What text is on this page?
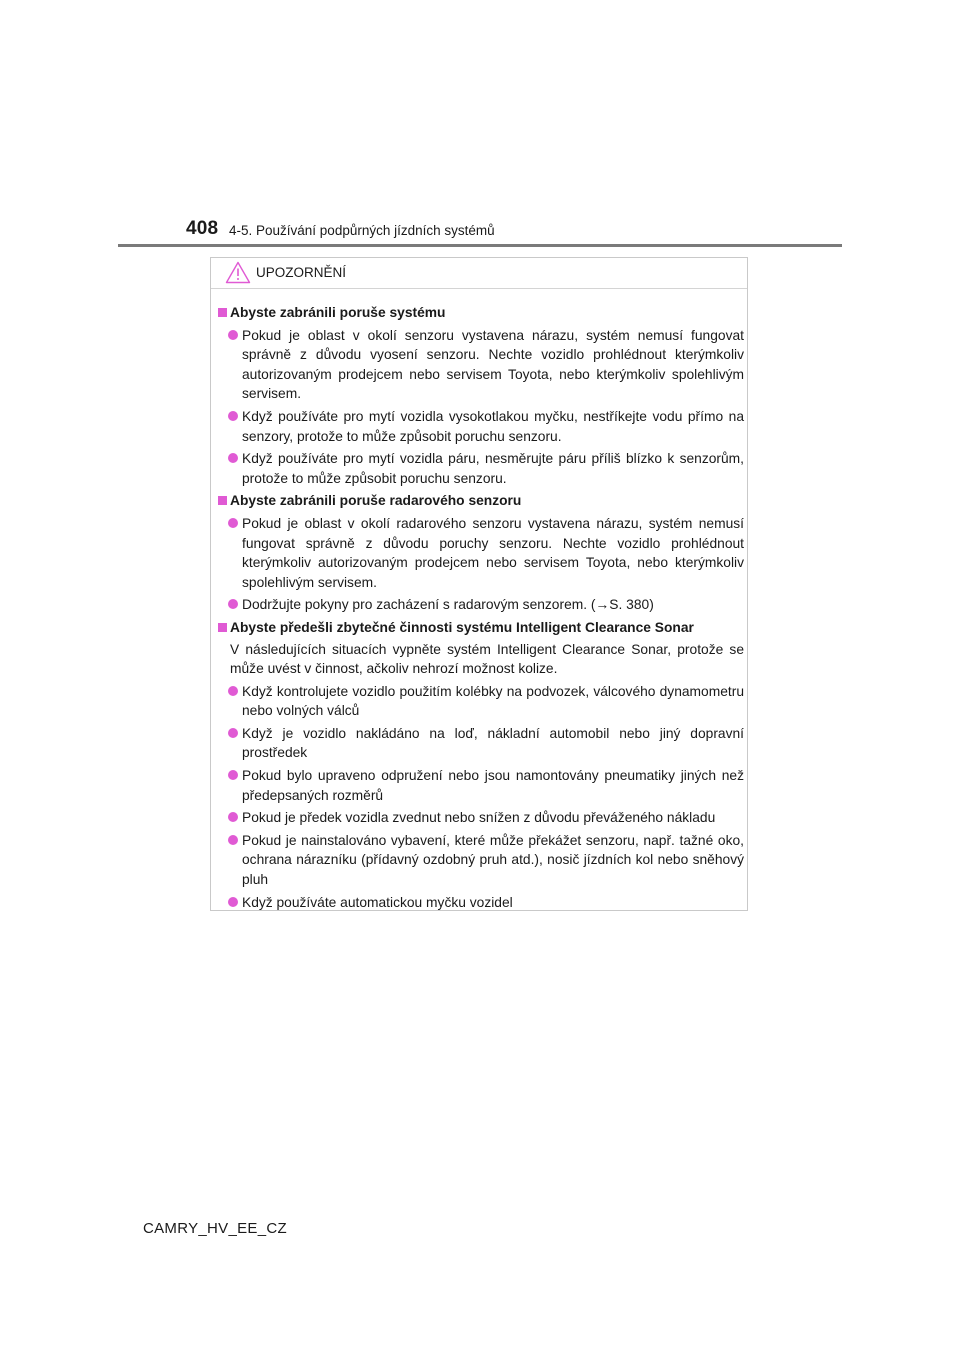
408 4-5. Používání podpůrných jízdních systémů
UPOZORNĚNÍ
Abyste zabránili poruše systému
Pokud je oblast v okolí senzoru vystavena nárazu, systém nemusí fungovat správně z důvodu vyosení senzoru. Nechte vozidlo prohlédnout kterýmkoliv autorizovaným prodejcem nebo servisem Toyota, nebo kterýmkoliv spolehlivým servisem.
Když používáte pro mytí vozidla vysokotlakou myčku, nestříkejte vodu přímo na senzory, protože to může způsobit poruchu senzoru.
Když používáte pro mytí vozidla páru, nesměrujte páru příliš blízko k senzorům, protože to může způsobit poruchu senzoru.
Abyste zabránili poruše radarového senzoru
Pokud je oblast v okolí radarového senzoru vystavena nárazu, systém nemusí fungovat správně z důvodu poruchy senzoru. Nechte vozidlo prohlédnout kterýmkoliv autorizovaným prodejcem nebo servisem Toyota, nebo kterýmkoliv spolehlivým servisem.
Dodržujte pokyny pro zacházení s radarovým senzorem. (→S. 380)
Abyste předešli zbytečné činnosti systému Intelligent Clearance Sonar
V následujících situacích vypněte systém Intelligent Clearance Sonar, protože se může uvést v činnost, ačkoliv nehrozí možnost kolize.
Když kontrolujete vozidlo použitím kolébky na podvozek, válcového dynamometru nebo volných válců
Když je vozidlo nakládáno na loď, nákladní automobil nebo jiný dopravní prostředek
Pokud bylo upraveno odpružení nebo jsou namontovány pneumatiky jiných než předepsaných rozměrů
Pokud je předek vozidla zvednut nebo snížen z důvodu převáženého nákladu
Pokud je nainstalováno vybavení, které může překážet senzoru, např. tažné oko, ochrana nárazníku (přídavný ozdobný pruh atd.), nosič jízdních kol nebo sněhový pluh
Když používáte automatickou myčku vozidel
CAMRY_HV_EE_CZ
